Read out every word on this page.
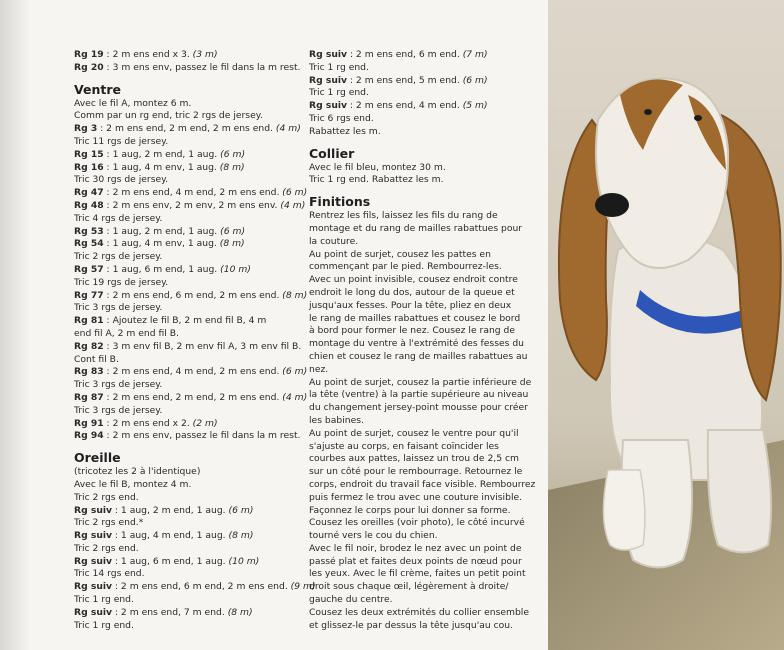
Rg 19 : 2 m ens end x 3. (3 m)
Rg 20 : 3 m ens env, passez le fil dans la m rest.
Ventre
Avec le fil A, montez 6 m.
Comm par un rg end, tric 2 rgs de jersey.
Rg 3 : 2 m ens end, 2 m end, 2 m ens end. (4 m)
Tric 11 rgs de jersey.
Rg 15 : 1 aug, 2 m end, 1 aug. (6 m)
Rg 16 : 1 aug, 4 m env, 1 aug. (8 m)
Tric 30 rgs de jersey.
Rg 47 : 2 m ens end, 4 m end, 2 m ens end. (6 m)
Rg 48 : 2 m ens env, 2 m env, 2 m ens env. (4 m)
Tric 4 rgs de jersey.
Rg 53 : 1 aug, 2 m end, 1 aug. (6 m)
Rg 54 : 1 aug, 4 m env, 1 aug. (8 m)
Tric 2 rgs de jersey.
Rg 57 : 1 aug, 6 m end, 1 aug. (10 m)
Tric 19 rgs de jersey.
Rg 77 : 2 m ens end, 6 m end, 2 m ens end. (8 m)
Tric 3 rgs de jersey.
Rg 81 : Ajoutez le fil B, 2 m end fil B, 4 m
end fil A, 2 m end fil B.
Rg 82 : 3 m env fil B, 2 m env fil A, 3 m env fil B.
Cont fil B.
Rg 83 : 2 m ens end, 4 m end, 2 m ens end. (6 m)
Tric 3 rgs de jersey.
Rg 87 : 2 m ens end, 2 m end, 2 m ens end. (4 m)
Tric 3 rgs de jersey.
Rg 91 : 2 m ens end x 2. (2 m)
Rg 94 : 2 m ens env, passez le fil dans la m rest.
Oreille
(tricotez les 2 à l'identique)
Avec le fil B, montez 4 m.
Tric 2 rgs end.
Rg suiv : 1 aug, 2 m end, 1 aug. (6 m)
Tric 2 rgs end.*
Rg suiv : 1 aug, 4 m end, 1 aug. (8 m)
Tric 2 rgs end.
Rg suiv : 1 aug, 6 m end, 1 aug. (10 m)
Tric 14 rgs end.
Rg suiv : 2 m ens end, 6 m end, 2 m ens end. (9 m)
Tric 1 rg end.
Rg suiv : 2 m ens end, 7 m end. (8 m)
Tric 1 rg end.
Rg suiv : 2 m ens end, 6 m end. (7 m)
Tric 1 rg end.
Rg suiv : 2 m ens end, 5 m end. (6 m)
Tric 1 rg end.
Rg suiv : 2 m ens end, 4 m end. (5 m)
Tric 6 rgs end.
Rabattez les m.
Collier
Avec le fil bleu, montez 30 m.
Tric 1 rg end. Rabattez les m.
Finitions
Rentrez les fils, laissez les fils du rang de
montage et du rang de mailles rabattues pour
la couture.
Au point de surjet, cousez les pattes en
commençant par le pied. Rembourrez-les.
Avec un point invisible, cousez endroit contre
endroit le long du dos, autour de la queue et
jusqu'aux fesses. Pour la tête, pliez en deux
le rang de mailles rabattues et cousez le bord
à bord pour former le nez. Cousez le rang de
montage du ventre à l'extrémité des fesses du
chien et cousez le rang de mailles rabattues au
nez.
Au point de surjet, cousez la partie inférieure de
la tête (ventre) à la partie supérieure au niveau
du changement jersey-point mousse pour créer
les babines.
Au point de surjet, cousez le ventre pour qu'il
s'ajuste au corps, en faisant coïncider les
courbes aux pattes, laissez un trou de 2,5 cm
sur un côté pour le rembourrage. Retournez le
corps, endroit du travail face visible. Rembourrez
puis fermez le trou avec une couture invisible.
Façonnez le corps pour lui donner sa forme.
Cousez les oreilles (voir photo), le côté incurvé
tourné vers le cou du chien.
Avec le fil noir, brodez le nez avec un point de
passé plat et faites deux points de nœud pour
les yeux. Avec le fil crème, faites un petit point
droit sous chaque œil, légèrement à droite/
gauche du centre.
Cousez les deux extrémités du collier ensemble
et glissez-le par dessus la tête jusqu'au cou.
